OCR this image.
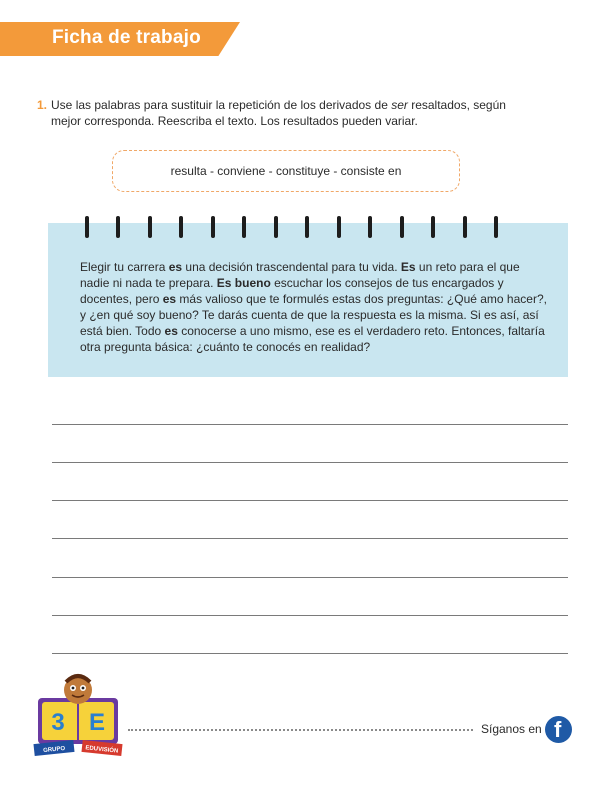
Ficha de trabajo
1. Use las palabras para sustituir la repetición de los derivados de ser resaltados, según
mejor corresponda. Reescriba el texto. Los resultados pueden variar.
resulta - conviene - constituye - consiste en
Elegir tu carrera es una decisión trascendental para tu vida. Es un reto para el que nadie ni nada te prepara. Es bueno escuchar los consejos de tus encargados y docentes, pero es más valioso que te formulés estas dos preguntas: ¿Qué amo hacer?, y ¿en qué soy bueno? Te darás cuenta de que la respuesta es la misma. Si es así, así está bien. Todo es conocerse a uno mismo, ese es el verdadero reto. Entonces, faltaría otra pregunta básica: ¿cuánto te conocés en realidad?
3 E
GRUPO	EDUVISIÓN
Síganos en f
